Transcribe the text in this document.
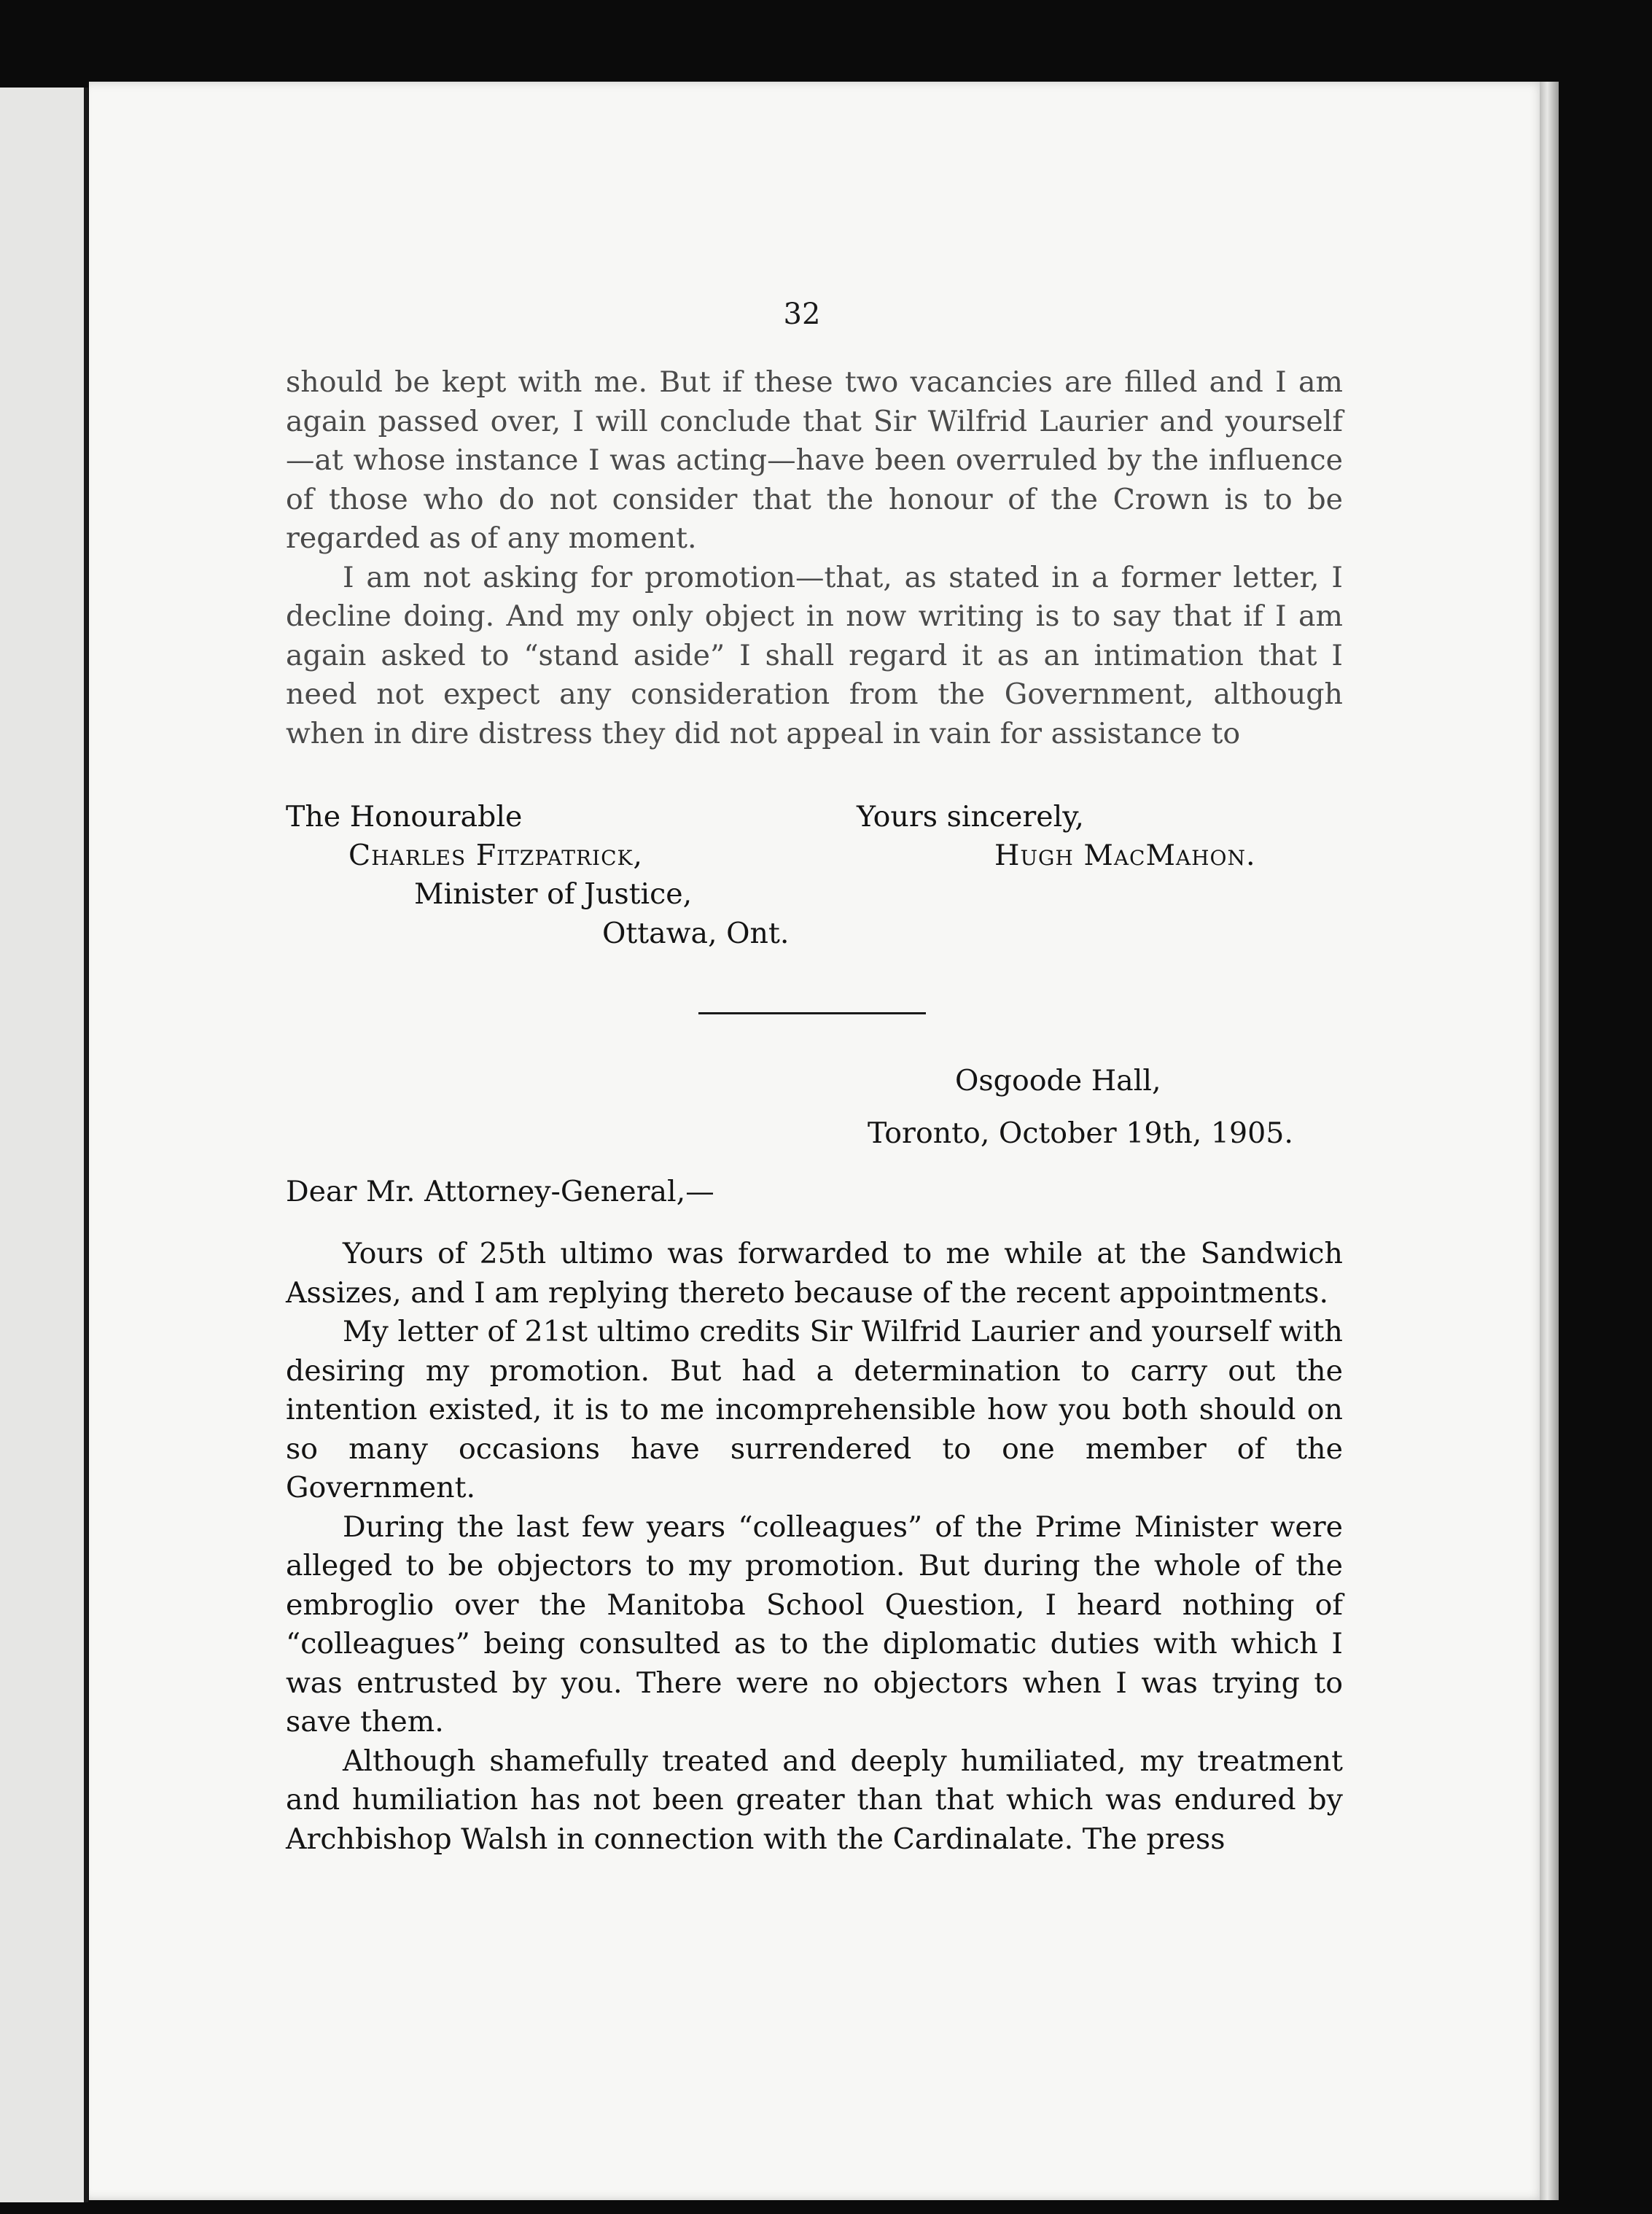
32

should be kept with me. But if these two vacancies are filled and I am again passed over, I will conclude that Sir Wilfrid Laurier and yourself—at whose instance I was acting—have been overruled by the influence of those who do not consider that the honour of the Crown is to be regarded as of any moment.

I am not asking for promotion—that, as stated in a former letter, I decline doing. And my only object in now writing is to say that if I am again asked to “stand aside” I shall regard it as an intimation that I need not expect any consideration from the Government, although when in dire distress they did not appeal in vain for assistance to

The Honourable
Charles Fitzpatrick,
Minister of Justice,
Ottawa, Ont.
Yours sincerely,
Hugh MacMahon.
Osgoode Hall,
Toronto, October 19th, 1905.
Dear Mr. Attorney-General,—

Yours of 25th ultimo was forwarded to me while at the Sandwich Assizes, and I am replying thereto because of the recent appointments.

My letter of 21st ultimo credits Sir Wilfrid Laurier and yourself with desiring my promotion. But had a determination to carry out the intention existed, it is to me incomprehensible how you both should on so many occasions have surrendered to one member of the Government.

During the last few years “colleagues” of the Prime Minister were alleged to be objectors to my promotion. But during the whole of the embroglio over the Manitoba School Question, I heard nothing of “colleagues” being consulted as to the diplomatic duties with which I was entrusted by you. There were no objectors when I was trying to save them.

Although shamefully treated and deeply humiliated, my treatment and humiliation has not been greater than that which was endured by Archbishop Walsh in connection with the Cardinalate. The press
